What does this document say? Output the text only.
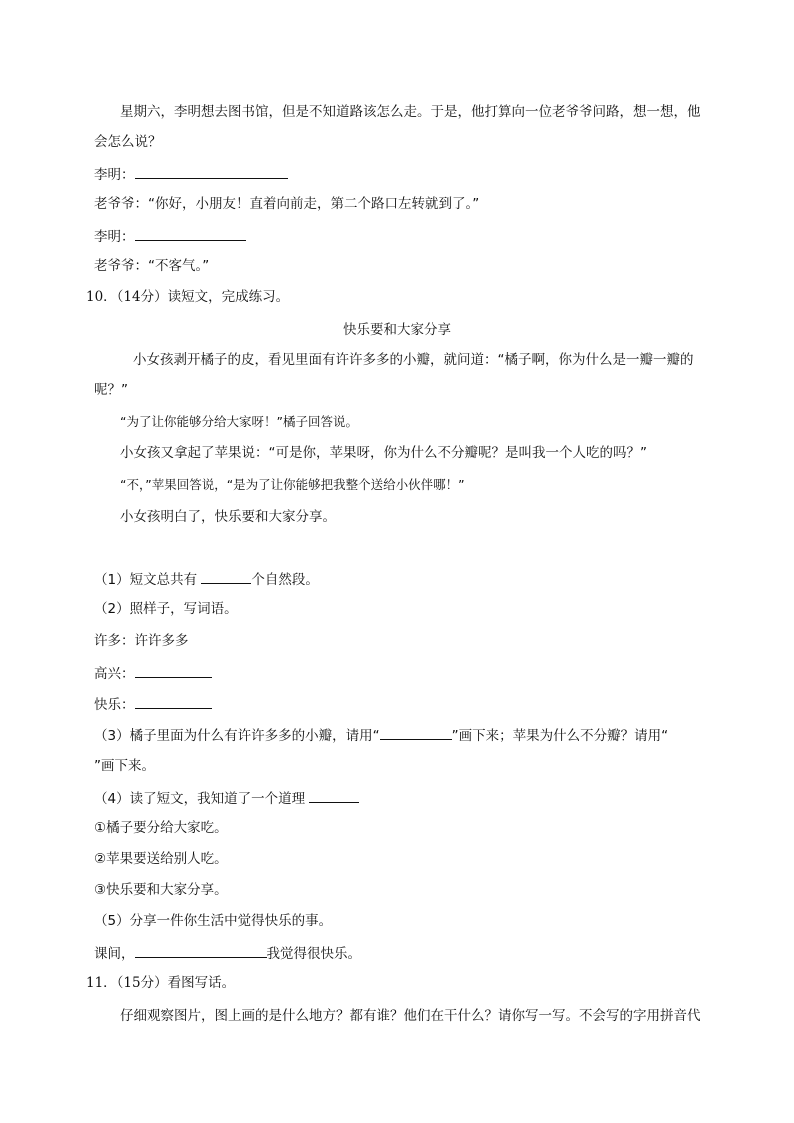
星期六，李明想去图书馆，但是不知道路该怎么走。于是，他打算向一位老爷爷问路，想一想，他
会怎么说？
李明：
老爷爷：“你好，小朋友！直着向前走，第二个路口左转就到了。”
李明：
老爷爷：“不客气。”
10．（14分）读短文，完成练习。
快乐要和大家分享
小女孩剥开橘子的皮，看见里面有许许多多的小瓣，就问道：“橘子啊，你为什么是一瓣一瓣的
呢？”
“为了让你能够分给大家呀！”橘子回答说。
小女孩又拿起了苹果说：“可是你，苹果呀，你为什么不分瓣呢？是叫我一个人吃的吗？”
“不，”苹果回答说，“是为了让你能够把我整个送给小伙伴哪！”
小女孩明白了，快乐要和大家分享。
（1）短文总共有	个自然段。
（2）照样子，写词语。
许多：许许多多
高兴：
快乐：
（3）橘子里面为什么有许许多多的小瓣，请用“	”画下来；苹果为什么不分瓣？请用“
”画下来。
（4）读了短文，我知道了一个道理
①橘子要分给大家吃。
②苹果要送给别人吃。
③快乐要和大家分享。
（5）分享一件你生活中觉得快乐的事。
课间，	我觉得很快乐。
11．（15分）看图写话。
仔细观察图片，图上画的是什么地方？都有谁？他们在干什么？请你写一写。不会写的字用拼音代
